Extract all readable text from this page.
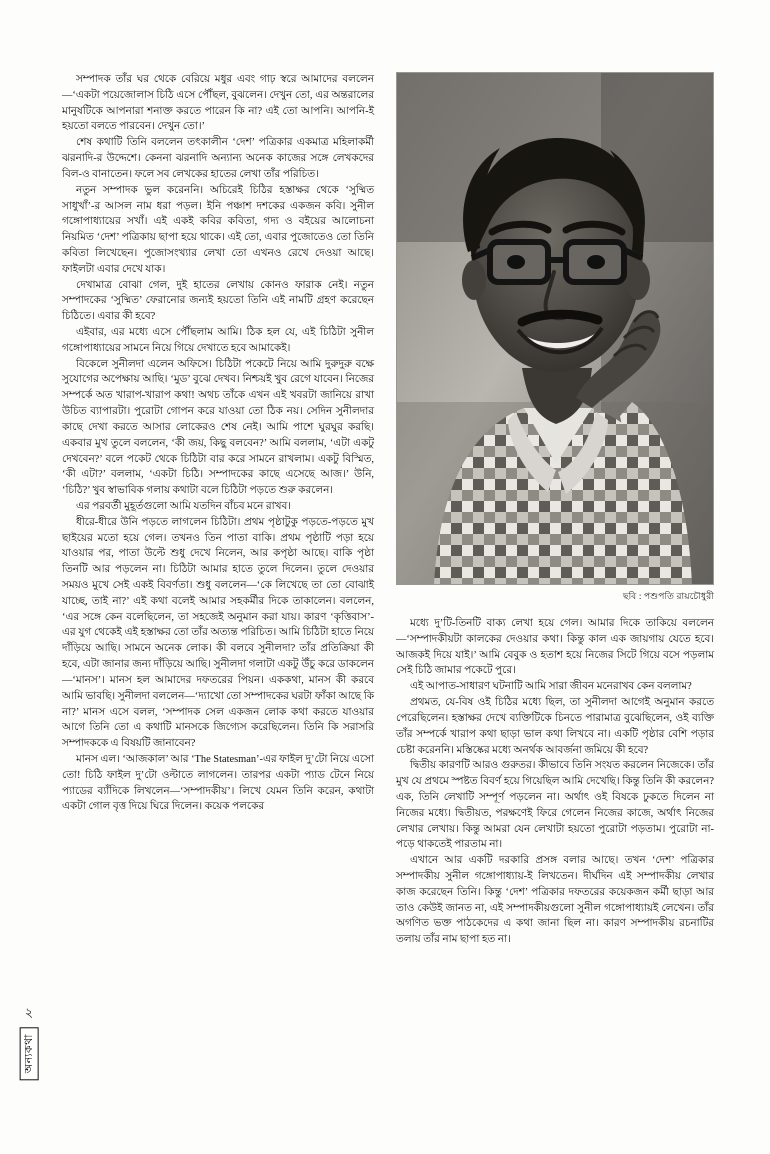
২
অন্যকথা

সম্পাদক তাঁর ঘর থেকে বেরিয়ে মধুর এবং গাঢ় স্বরে আমাদের বললেন—‘একটা পয়েজোলাস চিঠি এসে পৌঁছল, বুঝলেন। দেখুন তো, এর অন্তরালের মানুষটিকে আপনারা শনাক্ত করতে পারেন কি না? এই তো আপনি। আপনি-ই হয়তো বলতে পারবেন। দেখুন তো।’

শেষ কথাটি তিনি বললেন তৎকালীন ‘দেশ’ পত্রিকার একমাত্র মহিলাকর্মী ঝরনাদি-র উদ্দেশে। কেননা ঝরনাদি অন্যান্য অনেক কাজের সঙ্গে লেখকদের বিল-ও বানাতেন। ফলে সব লেখকের হাতের লেখা তাঁর পরিচিত।

নতুন সম্পাদক ভুল করেননি। অচিরেই চিঠির হস্তাক্ষর থেকে ‘সুষ্মিত সাধুখাঁ’-র আসল নাম ধরা পড়ল। ইনি পঞ্চাশ দশকের একজন কবি। সুনীল গঙ্গোপাধ্যায়ের সখাঁ। এই একই কবির কবিতা, গদ্য ও বইয়ের আলোচনা নিয়মিত ‘দেশ’ পত্রিকায় ছাপা হয়ে থাকে। এই তো, এবার পুজোতেও তো তিনি কবিতা লিখেছেন। পুজোসংখ্যার লেখা তো এখনও রেখে দেওয়া আছে। ফাইলটা এবার দেখে যাক।

দেখামাত্র বোঝা গেল, দুই হাতের লেখায় কোনও ফারাক নেই। নতুন সম্পাদকের ‘সুষ্মিত’ ফেরানোর জন্যই হয়তো তিনি এই নামটি গ্রহণ করেছেন চিঠিতে। এবার কী হবে?

এইবার, এর মধ্যে এসে পৌঁছলাম আমি। ঠিক হল যে, এই চিঠিটা সুনীল গঙ্গোপাধ্যায়ের সামনে নিয়ে গিয়ে দেখাতে হবে আমাকেই।

বিকেলে সুনীলদা এলেন অফিসে। চিঠিটা পকেটে নিয়ে আমি দুরুদুরু বক্ষে সুযোগের অপেক্ষায় আছি। ‘মুড’ বুঝে দেখব। নিশ্চয়ই খুব রেগে যাবেন। নিজের সম্পর্কে অত খারাপ-খারাপ কথা! অথচ তাঁকে এখন এই খবরটা জানিয়ে রাখা উচিত ব্যাপারটা। পুরোটা গোপন করে যাওয়া তো ঠিক নয়। সেদিন সুনীলদার কাছে দেখা করতে আসার লোকেরও শেষ নেই। আমি পাশে ঘুরঘুর করছি। একবার মুখ তুলে বললেন, ‘কী জয়, কিছু বলবেন?’ আমি বললাম, ‘এটা একটু দেখবেন?’ বলে পকেট থেকে চিঠিটা বার করে সামনে রাখলাম। একটু বিস্মিত, ‘কী এটা?’ বললাম, ‘একটা চিঠি। সম্পাদকের কাছে এসেছে আজ।’ উনি, ‘চিঠি?’ খুব স্বাভাবিক গলায় কথাটা বলে চিঠিটা পড়তে শুরু করলেন।

এর পরবর্তী মুহূর্তগুলো আমি যতদিন বাঁচব মনে রাখব।

ধীরে-ধীরে উনি পড়তে লাগলেন চিঠিটা। প্রথম পৃষ্ঠাটুকু পড়তে-পড়তে মুখ ছাইয়ের মতো হয়ে গেল। তখনও তিন পাতা বাকি। প্রথম পৃষ্ঠাটি পড়া হয়ে যাওয়ার পর, পাতা উল্টে শুধু দেখে নিলেন, আর কপৃষ্ঠা আছে। বাকি পৃষ্ঠা তিনটি আর পড়লেন না। চিঠিটা আমার হাতে তুলে দিলেন। তুলে দেওয়ার সময়ও মুখে সেই একই বিবর্ণতা। শুধু বললেন—‘কে লিখেছে তা তো বোঝাই যাচ্ছে, তাই না?’ এই কথা বলেই আমার সহকর্মীর দিকে তাকালেন। বললেন, ‘এর সঙ্গে কেন বলেছিলেন, তা সহজেই অনুমান করা যায়। কারণ ‘কৃত্তিবাস’-এর যুগ থেকেই এই হস্তাক্ষর তো তাঁর অত্যন্ত পরিচিত। আমি চিঠিটা হাতে নিয়ে দাঁড়িয়ে আছি। সামনে অনেক লোক। কী বলবে সুনীলদা? তাঁর প্রতিক্রিয়া কী হবে, এটা জানার জন্য দাঁড়িয়ে আছি। সুনীলদা গলাটা একটু উঁচু করে ডাকলেন—‘মানস’। মানস হল আমাদের দফতরের পিয়ন। এককথা, মানস কী করবে আমি ভাবছি। সুনীলদা বললেন—‘দ্যাখো তো সম্পাদকের ঘরটা ফাঁকা আছে কি না?’ মানস এসে বলল, ‘সম্পাদক সেল একজন লোক কথা করতে যাওয়ার আগে তিনি তো এ কথাটি মানসকে জিগ্যেস করেছিলেন। তিনি কি সরাসরি সম্পাদককে এ বিষয়টি জানাবেন?

মানস এল। ‘আজকাল’ আর ‘The Statesman’-এর ফাইল দু’টো নিয়ে এসো তো! চিঠি ফাইল দু’টো ওল্টাতে লাগলেন। তারপর একটা প্যাড টেনে নিয়ে প্যাডের ব্যাঁদিকে লিখলেন—‘সম্পাদকীয়’। লিখে যেমন তিনি করেন, কথাটা একটা গোল বৃত্ত দিয়ে ঘিরে দিলেন। কয়েক পলকের

ছবি : পশুপতি রায়চৌধুরী

মধ্যে দু’টি-তিনটি বাক্য লেখা হয়ে গেল। আমার দিকে তাকিয়ে বললেন—‘সম্পাদকীয়টা কালকের দেওয়ার কথা। কিন্তু কাল এক জায়গায় যেতে হবে। আজকই দিয়ে যাই।’ আমি বেবুক ও হতাশ হয়ে নিজের সিটে গিয়ে বসে পড়লাম সেই চিঠি জামার পকেটে পুরে।

এই আপাত-সাধারণ ঘটনাটি আমি সারা জীবন মনেরাখব কেন বললাম?

প্রথমত, যে-বিষ ওই চিঠির মধ্যে ছিল, তা সুনীলদা আগেই অনুমান করতে পেরেছিলেন। হস্তাক্ষর দেখে ব্যক্তিটিকে চিনতে পারামাত্র বুঝেছিলেন, ওই ব্যক্তি তাঁর সম্পর্কে খারাপ কথা ছাড়া ভাল কথা লিখবে না। একটি পৃষ্ঠার বেশি পড়ার চেষ্টা করেননি। মস্তিষ্কের মধ্যে অনর্থক আবর্জনা জমিয়ে কী হবে?

দ্বিতীয় কারণটি আরও গুরুতর। কীভাবে তিনি সংযত করলেন নিজেকে। তাঁর মুখ যে প্রথমে স্পষ্টত বিবর্ণ হয়ে গিয়েছিল আমি দেখেছি। কিন্তু তিনি কী করলেন? এক, তিনি লেখাটি সম্পূর্ণ পড়লেন না। অর্থাৎ ওই বিষকে ঢুকতে দিলেন না নিজের মধ্যে। দ্বিতীয়ত, পরক্ষণেই ফিরে গেলেন নিজের কাজে, অর্থাৎ নিজের লেখার লেখায়। কিন্তু আমরা যেন লেখাটা হয়তো পুরোটা পড়তাম। পুরোটা না-পড়ে থাকতেই পারতাম না।

এখানে আর একটি দরকারি প্রসঙ্গ বলার আছে। তখন ‘দেশ’ পত্রিকার সম্পাদকীয় সুনীল গঙ্গোপাধ্যায়-ই লিখতেন। দীর্ঘদিন এই সম্পাদকীয় লেখার কাজ করেছেন তিনি। কিন্তু ‘দেশ’ পত্রিকার দফতরের কয়েকজন কর্মী ছাড়া আর তাও কেউই জানত না, এই সম্পাদকীয়গুলো সুনীল গঙ্গোপাধ্যায়ই লেখেন। তাঁর অগণিত ভক্ত পাঠকেদের এ কথা জানা ছিল না। কারণ সম্পাদকীয় রচনাটির তলায় তাঁর নাম ছাপা হত না।
